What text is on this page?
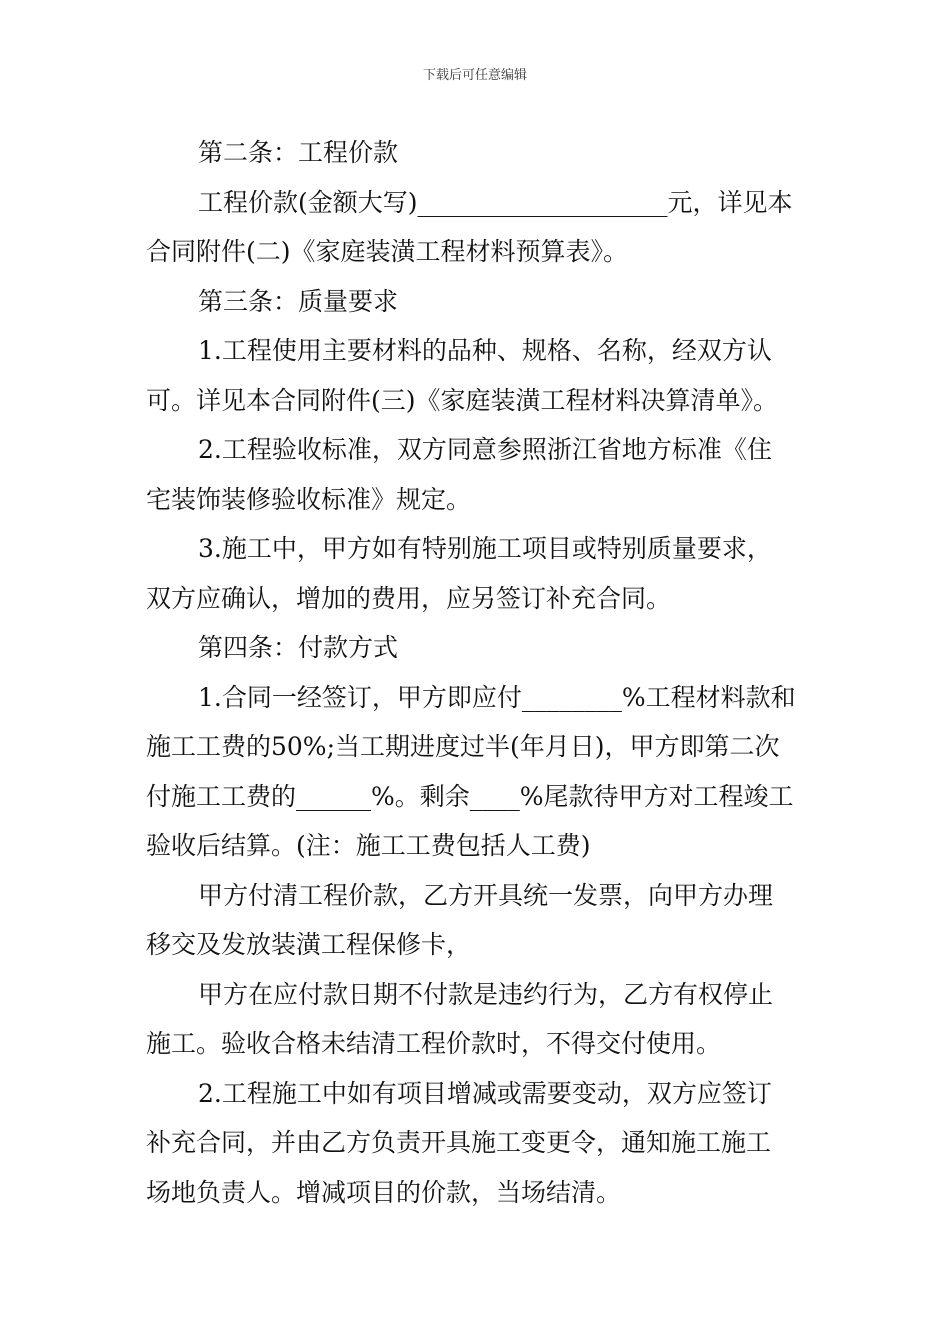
下载后可任意编辑
第二条：工程价款
工程价款(金额大写)____________________元，详见本
合同附件(二)《家庭装潢工程材料预算表》。
第三条：质量要求
1.工程使用主要材料的品种、规格、名称，经双方认
可。详见本合同附件(三)《家庭装潢工程材料决算清单》。
2.工程验收标准，双方同意参照浙江省地方标准《住
宅装饰装修验收标准》规定。
3.施工中，甲方如有特别施工项目或特别质量要求，
双方应确认，增加的费用，应另签订补充合同。
第四条：付款方式
1.合同一经签订，甲方即应付________%工程材料款和
施工工费的50%;当工期进度过半(年月日)，甲方即第二次
付施工工费的______%。剩余____%尾款待甲方对工程竣工
验收后结算。(注：施工工费包括人工费)
甲方付清工程价款，乙方开具统一发票，向甲方办理
移交及发放装潢工程保修卡，
甲方在应付款日期不付款是违约行为，乙方有权停止
施工。验收合格未结清工程价款时，不得交付使用。
2.工程施工中如有项目增减或需要变动，双方应签订
补充合同，并由乙方负责开具施工变更令，通知施工施工
场地负责人。增减项目的价款，当场结清。
